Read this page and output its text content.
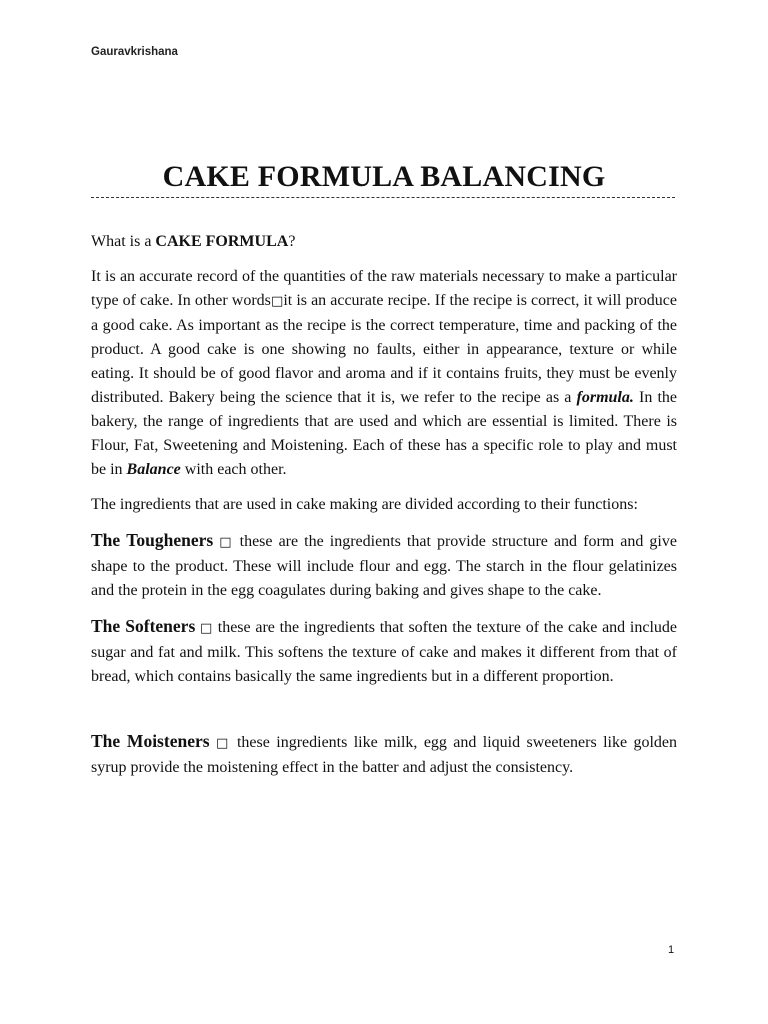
Gauravkrishana
CAKE FORMULA BALANCING

What is a CAKE FORMULA?

It is an accurate record of the quantities of the raw materials necessary to make a particular type of cake. In other words□it is an accurate recipe. If the recipe is correct, it will produce a good cake. As important as the recipe is the correct temperature, time and packing of the product. A good cake is one showing no faults, either in appearance, texture or while eating. It should be of good flavor and aroma and if it contains fruits, they must be evenly distributed. Bakery being the science that it is, we refer to the recipe as a formula. In the bakery, the range of ingredients that are used and which are essential is limited. There is Flour, Fat, Sweetening and Moistening. Each of these has a specific role to play and must be in Balance with each other.

The ingredients that are used in cake making are divided according to their functions:

The Tougheners □ these are the ingredients that provide structure and form and give shape to the product. These will include flour and egg. The starch in the flour gelatinizes and the protein in the egg coagulates during baking and gives shape to the cake.

The Softeners □ these are the ingredients that soften the texture of the cake and include sugar and fat and milk. This softens the texture of cake and makes it different from that of bread, which contains basically the same ingredients but in a different proportion.

The Moisteners □ these ingredients like milk, egg and liquid sweeteners like golden syrup provide the moistening effect in the batter and adjust the consistency.

1
